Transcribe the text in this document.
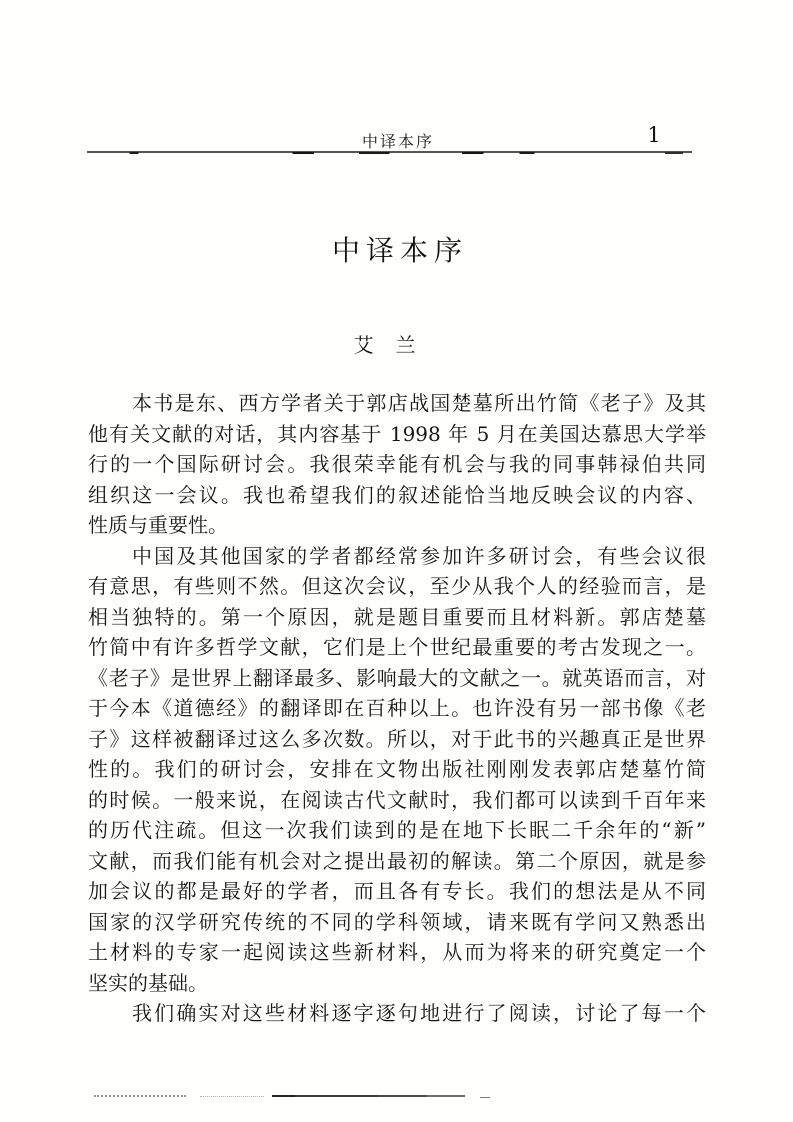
中译本序	1
中译本序
艾　兰
本书是东、西方学者关于郭店战国楚墓所出竹简《老子》及其
他有关文献的对话，其内容基于 1998 年 5 月在美国达慕思大学举
行的一个国际研讨会。我很荣幸能有机会与我的同事韩禄伯共同
组织这一会议。我也希望我们的叙述能恰当地反映会议的内容、
性质与重要性。
中国及其他国家的学者都经常参加许多研讨会，有些会议很
有意思，有些则不然。但这次会议，至少从我个人的经验而言，是
相当独特的。第一个原因，就是题目重要而且材料新。郭店楚墓
竹简中有许多哲学文献，它们是上个世纪最重要的考古发现之一。
《老子》是世界上翻译最多、影响最大的文献之一。就英语而言，对
于今本《道德经》的翻译即在百种以上。也许没有另一部书像《老
子》这样被翻译过这么多次数。所以，对于此书的兴趣真正是世界
性的。我们的研讨会，安排在文物出版社刚刚发表郭店楚墓竹简
的时候。一般来说，在阅读古代文献时，我们都可以读到千百年来
的历代注疏。但这一次我们读到的是在地下长眠二千余年的“新”
文献，而我们能有机会对之提出最初的解读。第二个原因，就是参
加会议的都是最好的学者，而且各有专长。我们的想法是从不同
国家的汉学研究传统的不同的学科领域，请来既有学问又熟悉出
土材料的专家一起阅读这些新材料，从而为将来的研究奠定一个
坚实的基础。
我们确实对这些材料逐字逐句地进行了阅读，讨论了每一个
